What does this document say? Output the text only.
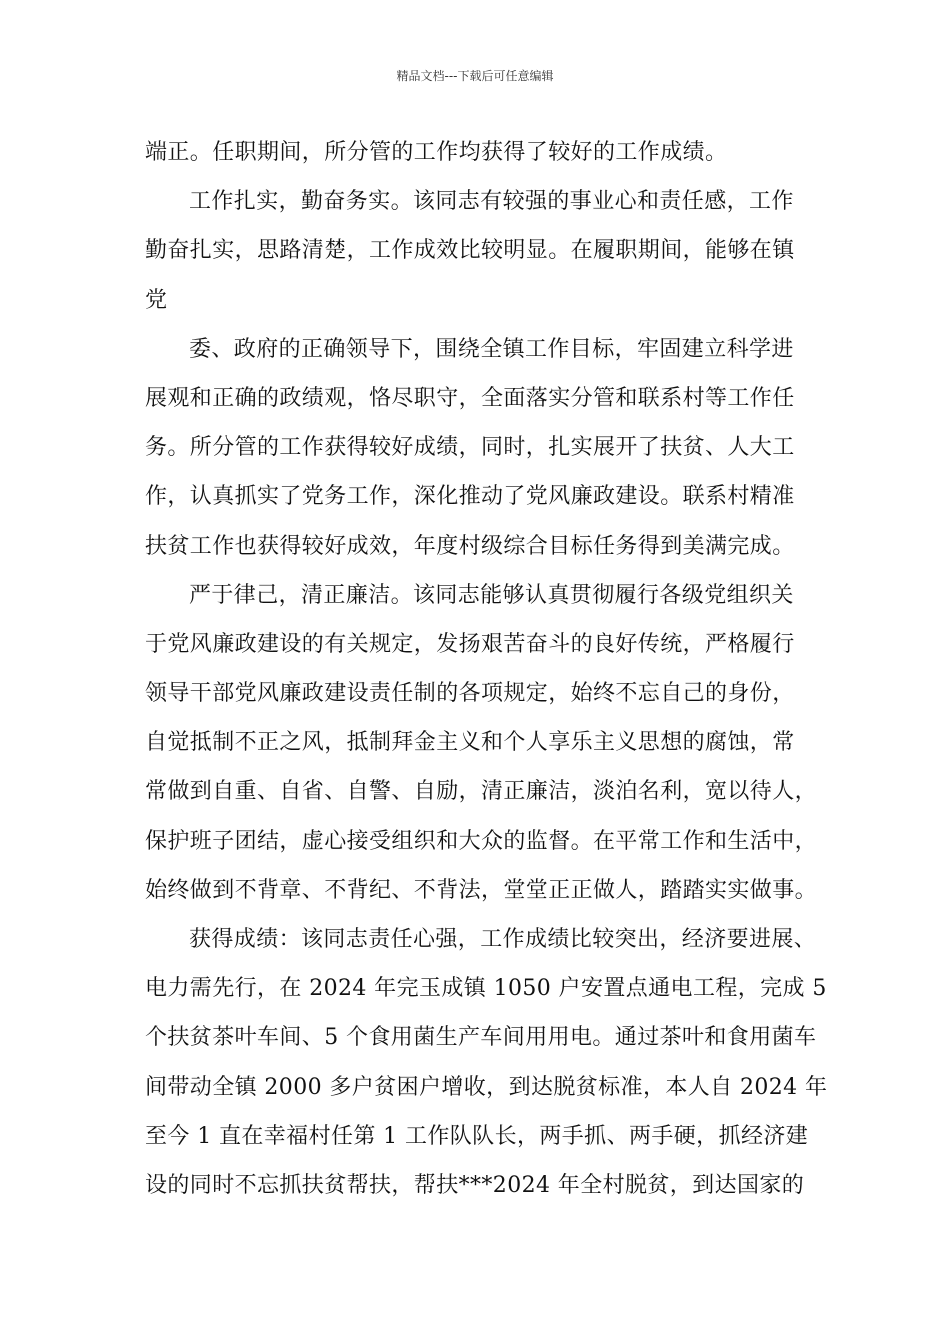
精品文档---下载后可任意编辑
端正。任职期间，所分管的工作均获得了较好的工作成绩。
工作扎实，勤奋务实。该同志有较强的事业心和责任感，工作
勤奋扎实，思路清楚，工作成效比较明显。在履职期间，能够在镇
党
委、政府的正确领导下，围绕全镇工作目标，牢固建立科学进
展观和正确的政绩观，恪尽职守，全面落实分管和联系村等工作任
务。所分管的工作获得较好成绩，同时，扎实展开了扶贫、人大工
作，认真抓实了党务工作，深化推动了党风廉政建设。联系村精准
扶贫工作也获得较好成效，年度村级综合目标任务得到美满完成。
严于律己，清正廉洁。该同志能够认真贯彻履行各级党组织关
于党风廉政建设的有关规定，发扬艰苦奋斗的良好传统，严格履行
领导干部党风廉政建设责任制的各项规定，始终不忘自己的身份，
自觉抵制不正之风，抵制拜金主义和个人享乐主义思想的腐蚀，常
常做到自重、自省、自警、自励，清正廉洁，淡泊名利，宽以待人，
保护班子团结，虚心接受组织和大众的监督。在平常工作和生活中，
始终做到不背章、不背纪、不背法，堂堂正正做人，踏踏实实做事。
获得成绩：该同志责任心强，工作成绩比较突出，经济要进展、
电力需先行，在 2024 年完玉成镇 1050 户安置点通电工程，完成 5
个扶贫茶叶车间、5 个食用菌生产车间用用电。通过茶叶和食用菌车
间带动全镇 2000 多户贫困户增收，到达脱贫标准，本人自 2024 年
至今 1 直在幸福村任第 1 工作队队长，两手抓、两手硬，抓经济建
设的同时不忘抓扶贫帮扶，帮扶***2024 年全村脱贫，到达国家的
